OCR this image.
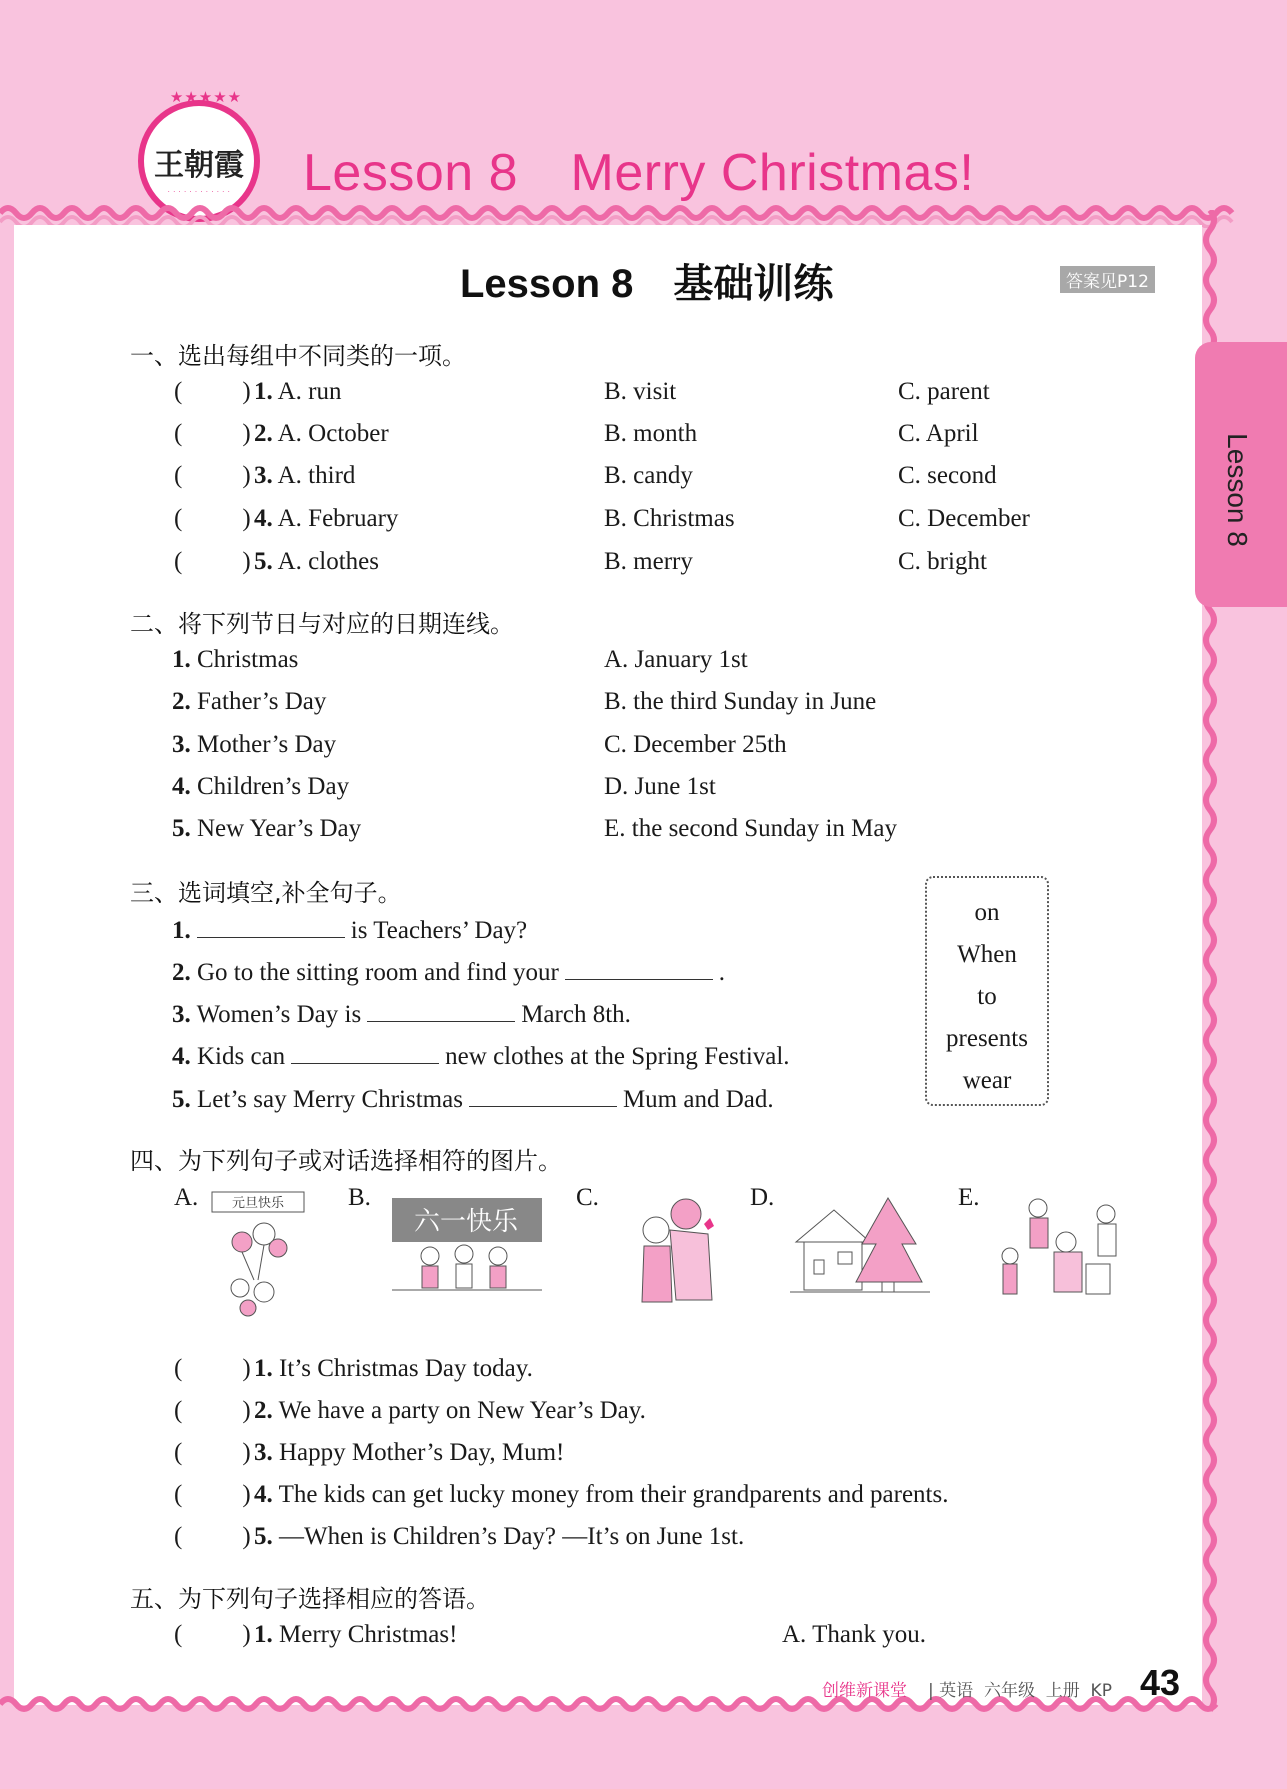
★★★★★
王朝霞
· · · · · · · · · · · ·	Lesson 8　Merry Christmas!
Lesson 8
Lesson 8　基础训练	答案见P12
一、选出每组中不同类的一项。
( ) 1. A. run	B. visit	C. parent
( ) 2. A. October	B. month	C. April
( ) 3. A. third	B. candy	C. second
( ) 4. A. February	B. Christmas	C. December
( ) 5. A. clothes	B. merry	C. bright
二、将下列节日与对应的日期连线。
1. Christmas	A. January 1st
2. Father’s Day	B. the third Sunday in June
3. Mother’s Day	C. December 25th
4. Children’s Day	D. June 1st
5. New Year’s Day	E. the second Sunday in May
三、选词填空,补全句子。
1.	is Teachers’ Day?
2. Go to the sitting room and find your	.
3. Women’s Day is	March 8th.
4. Kids can	new clothes at the Spring Festival.
5. Let’s say Merry Christmas	Mum and Dad.
on
When
to
presents
wear
四、为下列句子或对话选择相符的图片。
A.	元旦快乐	B.
六一快乐
C.	D.	E.
( ) 1. It’s Christmas Day today.
( ) 2. We have a party on New Year’s Day.
( ) 3. Happy Mother’s Day, Mum!
( ) 4. The kids can get lucky money from their grandparents and parents.
( ) 5. —When is Children’s Day? —It’s on June 1st.
五、为下列句子选择相应的答语。
( ) 1. Merry Christmas!	A. Thank you.
创维新课堂 | 英语  六年级  上册  KP 43
